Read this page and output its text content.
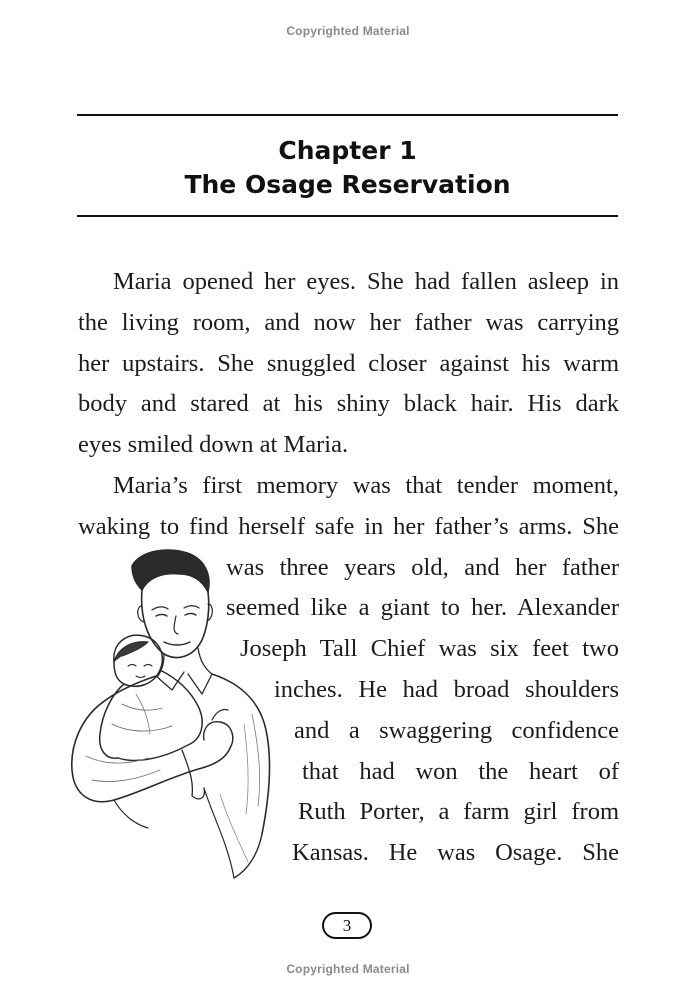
Copyrighted Material
Chapter 1
The Osage Reservation
Maria opened her eyes. She had fallen asleep in
the living room, and now her father was carrying
her upstairs. She snuggled closer against his warm
body and stared at his shiny black hair. His dark
eyes smiled down at Maria.
Maria’s first memory was that tender moment,
waking to find herself safe in her father’s arms. She
was three years old, and her father
seemed like a giant to her. Alexander
Joseph Tall Chief was six feet two
inches. He had broad shoulders
and a swaggering confidence
that had won the heart of
Ruth Porter, a farm girl from
Kansas. He was Osage. She
3
Copyrighted Material
